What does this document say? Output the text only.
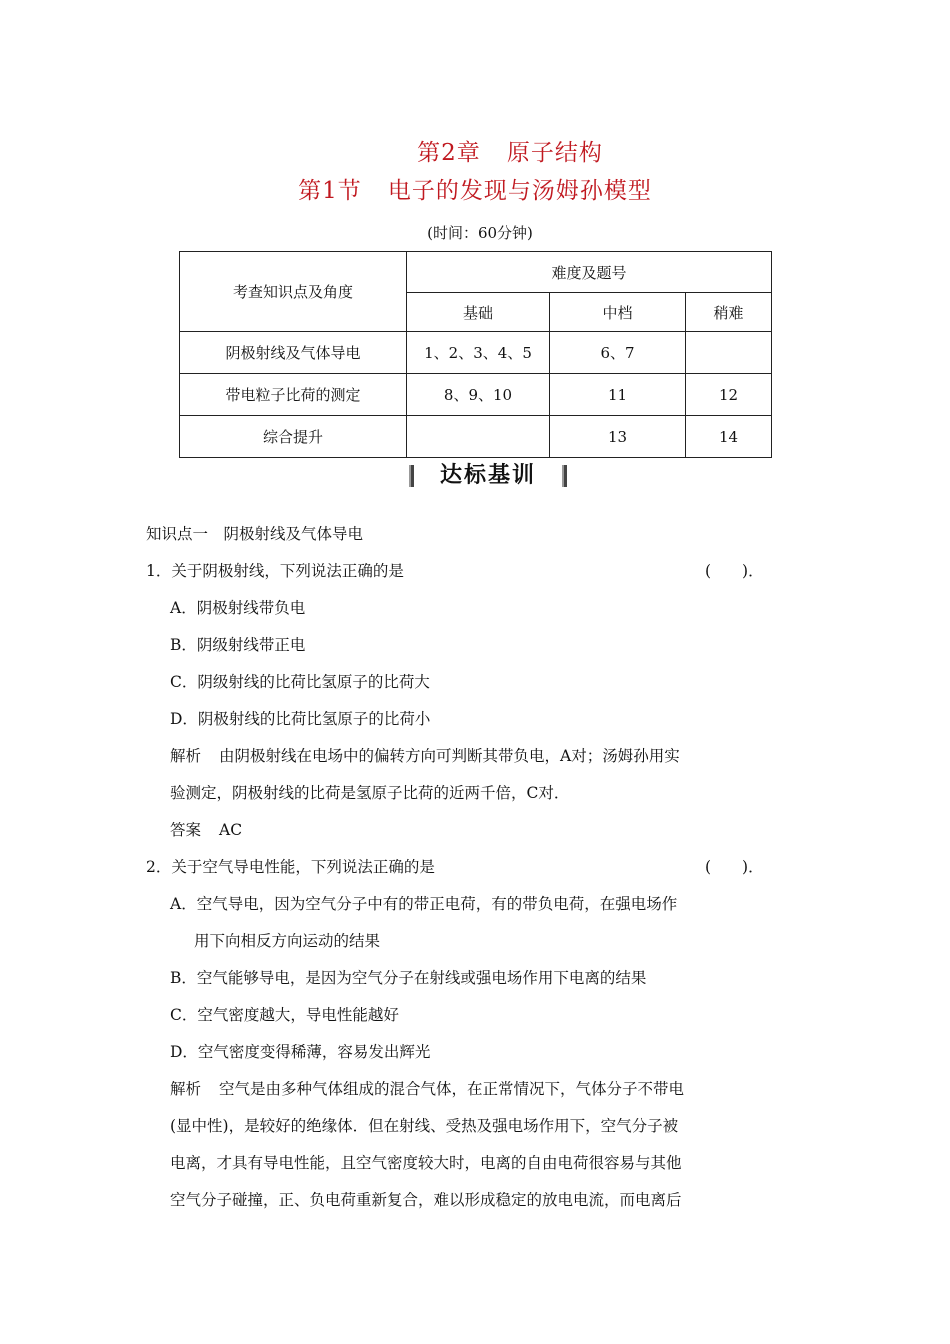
第2章 原子结构
第1节 电子的发现与汤姆孙模型
(时间：60分钟)
考查知识点及角度	难度及题号		
	基础	中档	稍难
阴极射线及气体导电	1、2、3、4、5	6、7	
带电粒子比荷的测定	8、9、10	11	12
综合提升		13	14
达标基训
知识点一　阴极射线及气体导电
1．关于阴极射线，下列说法正确的是	(　　)．
A．阴极射线带负电
B．阴级射线带正电
C．阴级射线的比荷比氢原子的比荷大
D．阴极射线的比荷比氢原子的比荷小
解析 由阴极射线在电场中的偏转方向可判断其带负电，A对；汤姆孙用实
验测定，阴极射线的比荷是氢原子比荷的近两千倍，C对．
答案 AC
2．关于空气导电性能，下列说法正确的是	(　　)．
A．空气导电，因为空气分子中有的带正电荷，有的带负电荷，在强电场作
用下向相反方向运动的结果
B．空气能够导电，是因为空气分子在射线或强电场作用下电离的结果
C．空气密度越大，导电性能越好
D．空气密度变得稀薄，容易发出辉光
解析 空气是由多种气体组成的混合气体，在正常情况下，气体分子不带电
(显中性)，是较好的绝缘体．但在射线、受热及强电场作用下，空气分子被
电离，才具有导电性能，且空气密度较大时，电离的自由电荷很容易与其他
空气分子碰撞，正、负电荷重新复合，难以形成稳定的放电电流，而电离后
